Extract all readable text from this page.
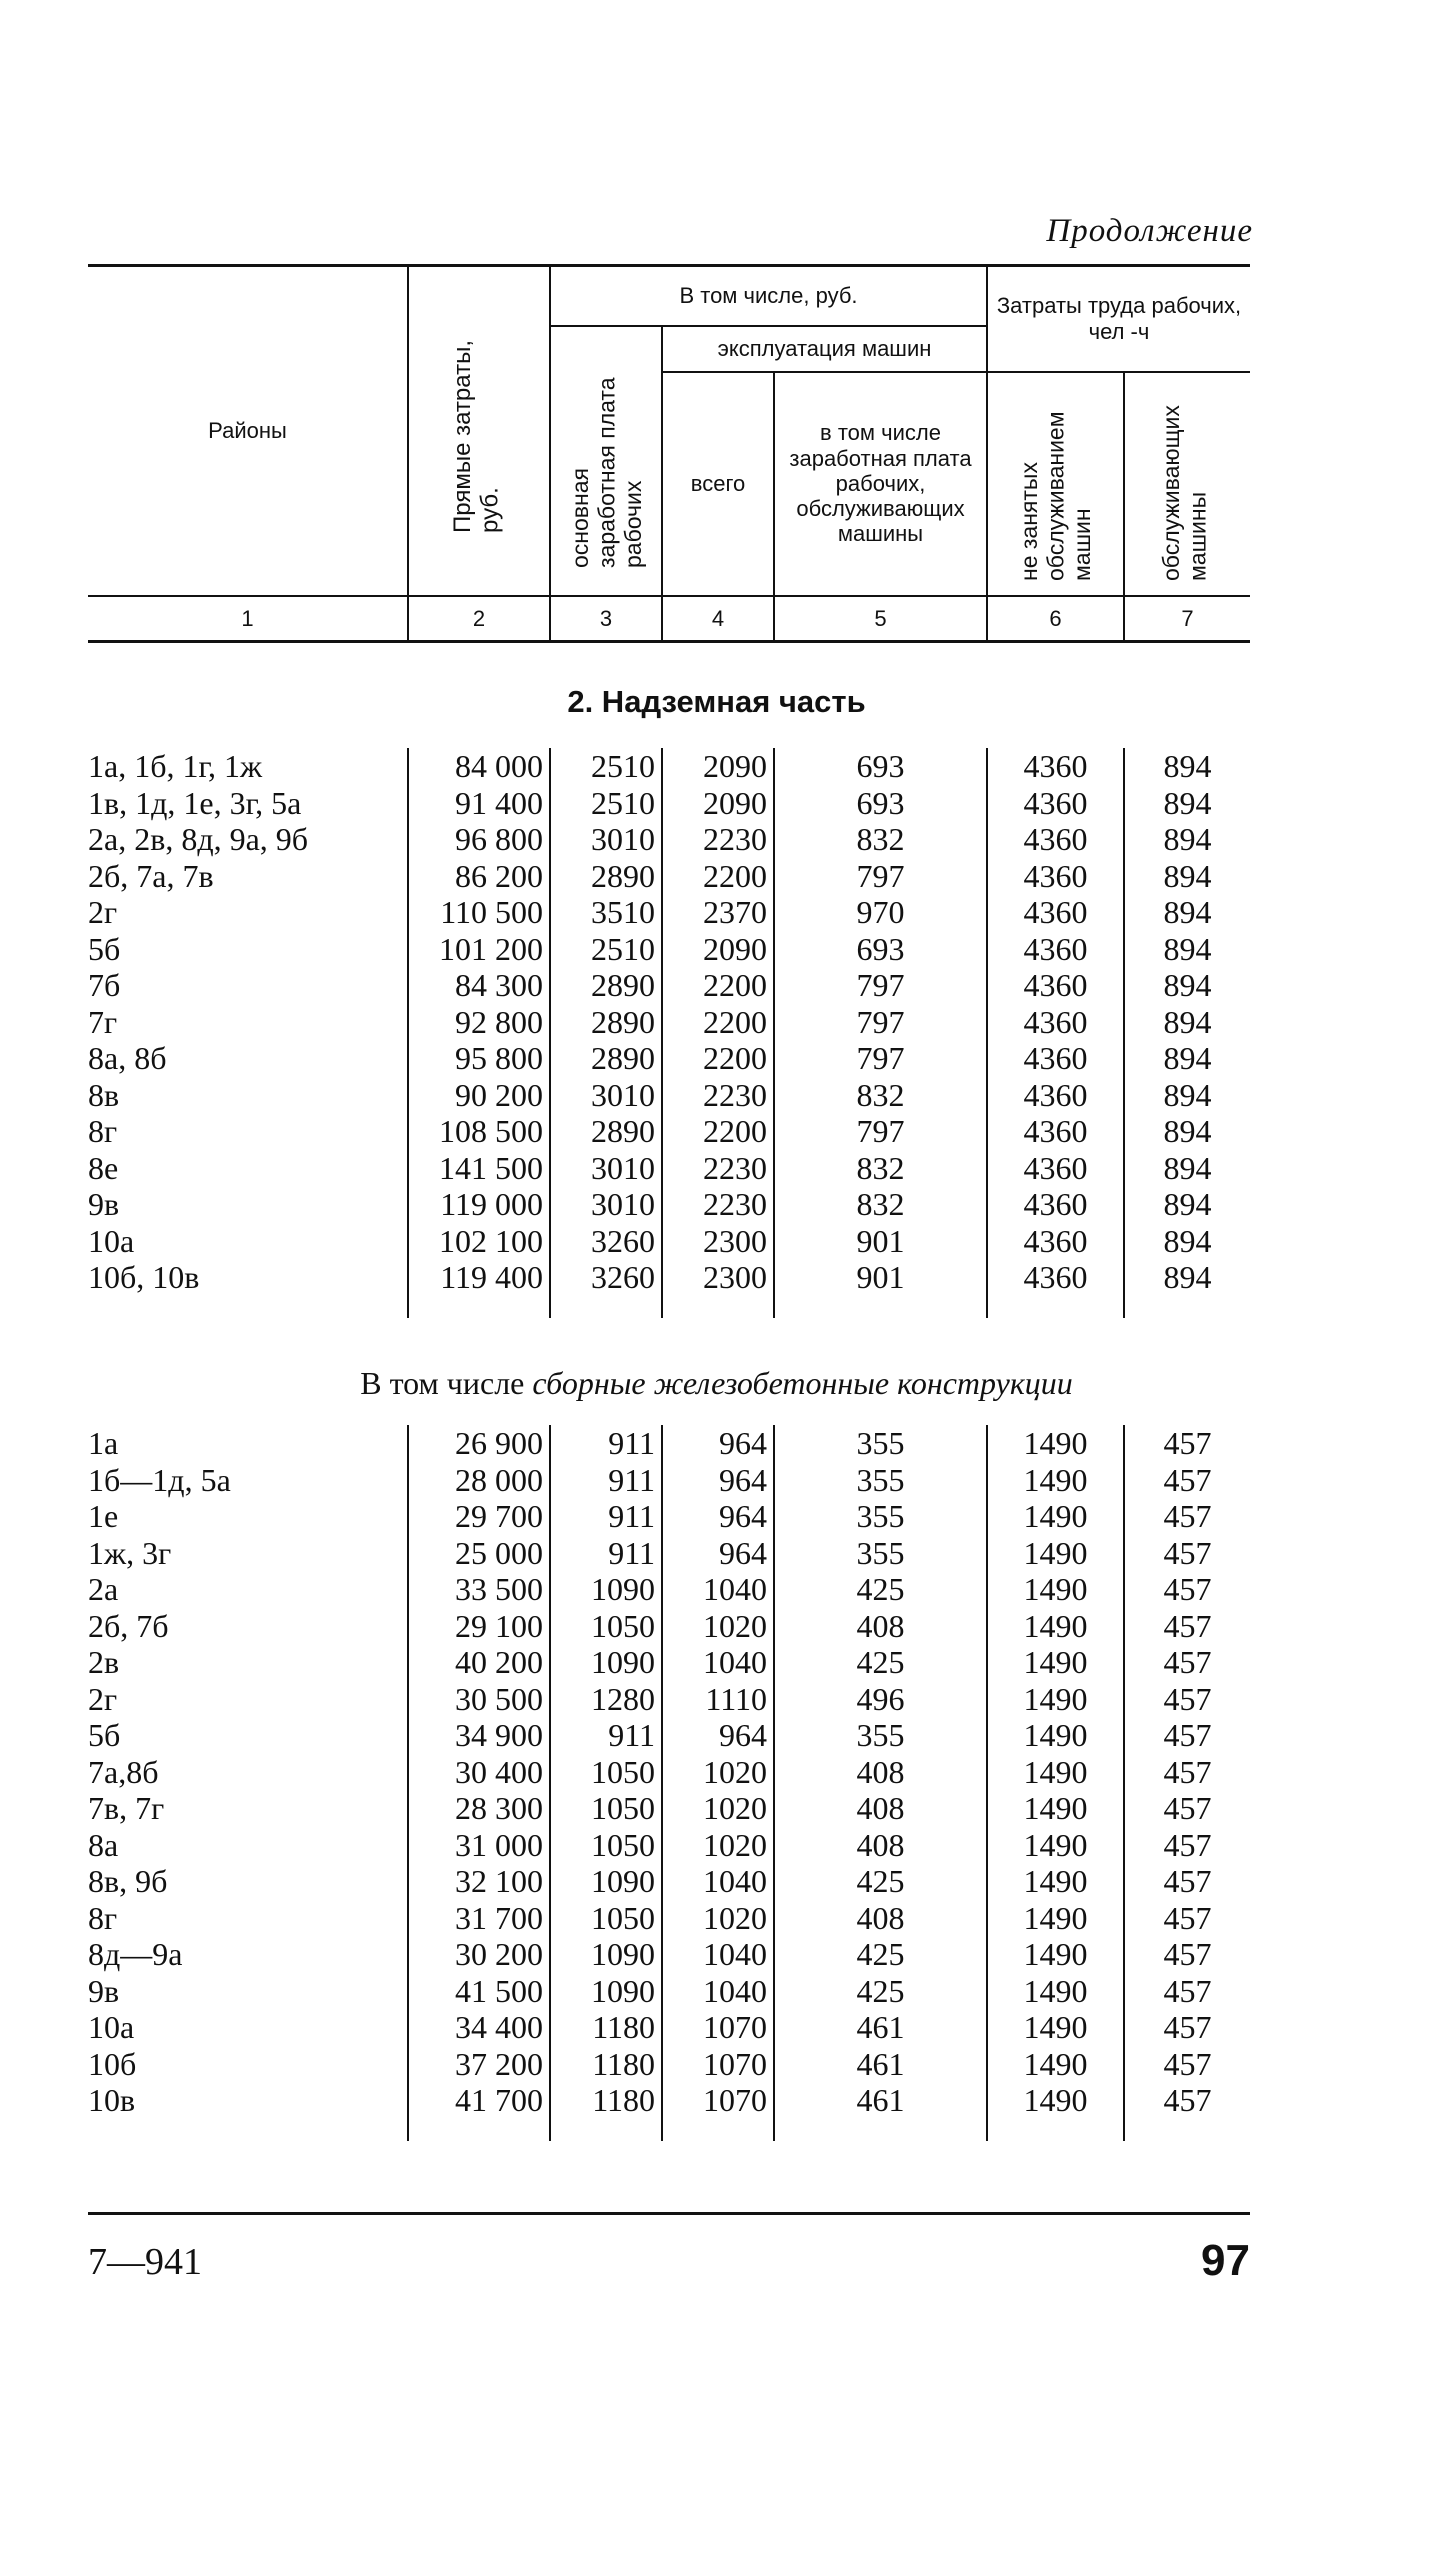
Продолжение
Районы	Прямые затраты, руб.	В том числе, руб.			Затраты труда рабочих, чел -ч	
		основная заработная плата рабочих	эксплуатация машин			
			всего	в том числе заработная плата рабочих, обслуживающих машины	не занятых обслуживанием машин	обслуживающих машины
1	2	3	4	5	6	7
2. Надземная часть
1а, 1б, 1г, 1ж	84 000	2510	2090	693	4360	894
1в, 1д, 1е, 3г, 5а	91 400	2510	2090	693	4360	894
2а, 2в, 8д, 9а, 9б	96 800	3010	2230	832	4360	894
2б, 7а, 7в	86 200	2890	2200	797	4360	894
2г	110 500	3510	2370	970	4360	894
5б	101 200	2510	2090	693	4360	894
7б	84 300	2890	2200	797	4360	894
7г	92 800	2890	2200	797	4360	894
8а, 8б	95 800	2890	2200	797	4360	894
8в	90 200	3010	2230	832	4360	894
8г	108 500	2890	2200	797	4360	894
8е	141 500	3010	2230	832	4360	894
9в	119 000	3010	2230	832	4360	894
10а	102 100	3260	2300	901	4360	894
10б, 10в	119 400	3260	2300	901	4360	894

В том числе сборные железобетонные конструкции
1а	26 900	911	964	355	1490	457
1б—1д, 5а	28 000	911	964	355	1490	457
1е	29 700	911	964	355	1490	457
1ж, 3г	25 000	911	964	355	1490	457
2а	33 500	1090	1040	425	1490	457
2б, 7б	29 100	1050	1020	408	1490	457
2в	40 200	1090	1040	425	1490	457
2г	30 500	1280	1110	496	1490	457
5б	34 900	911	964	355	1490	457
7а,8б	30 400	1050	1020	408	1490	457
7в, 7г	28 300	1050	1020	408	1490	457
8а	31 000	1050	1020	408	1490	457
8в, 9б	32 100	1090	1040	425	1490	457
8г	31 700	1050	1020	408	1490	457
8д—9а	30 200	1090	1040	425	1490	457
9в	41 500	1090	1040	425	1490	457
10а	34 400	1180	1070	461	1490	457
10б	37 200	1180	1070	461	1490	457
10в	41 700	1180	1070	461	1490	457

7—941	97
